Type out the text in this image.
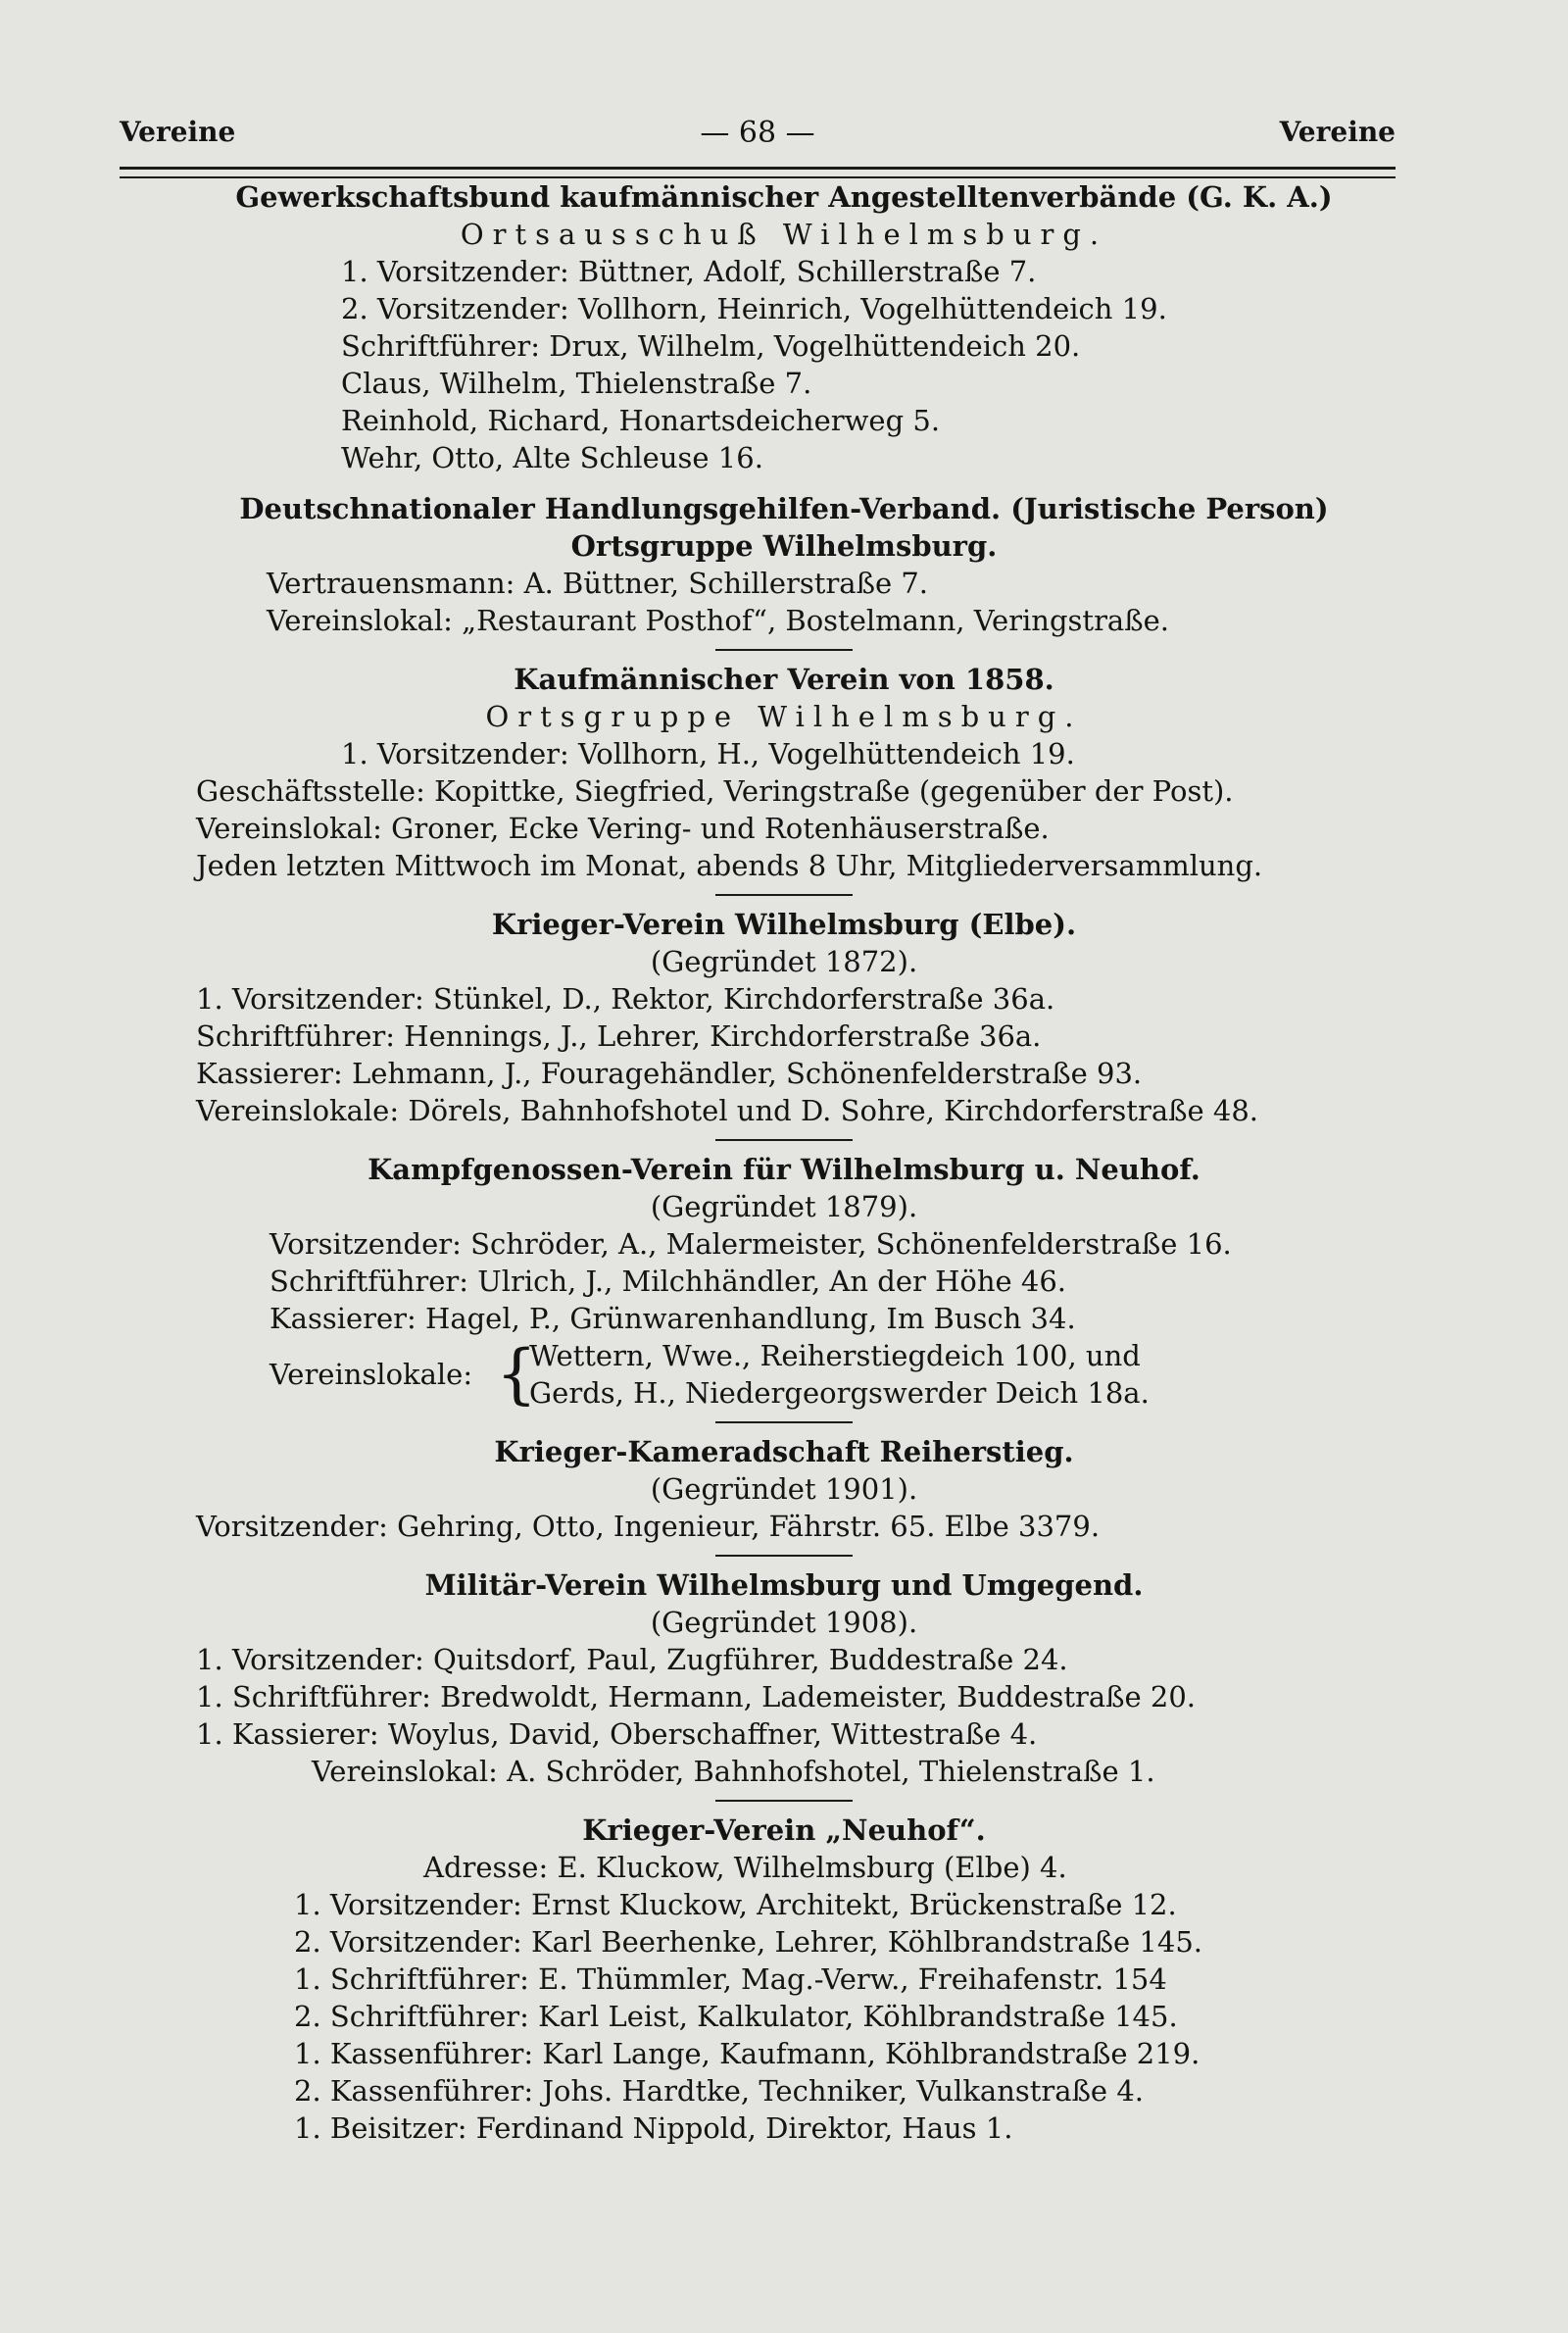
Vereine	— 68 —	Vereine
Gewerkschaftsbund kaufmännischer Angestelltenverbände (G. K. A.)
Ortsausschuß Wilhelmsburg.
1. Vorsitzender: Büttner, Adolf, Schillerstraße 7.
2. Vorsitzender: Vollhorn, Heinrich, Vogelhüttendeich 19.
Schriftführer: Drux, Wilhelm, Vogelhüttendeich 20.
Claus, Wilhelm, Thielenstraße 7.
Reinhold, Richard, Honartsdeicherweg 5.
Wehr, Otto, Alte Schleuse 16.
Deutschnationaler Handlungsgehilfen-Verband. (Juristische Person)
Ortsgruppe Wilhelmsburg.
Vertrauensmann: A. Büttner, Schillerstraße 7.
Vereinslokal: „Restaurant Posthof“, Bostelmann, Veringstraße.
Kaufmännischer Verein von 1858.
Ortsgruppe Wilhelmsburg.
1. Vorsitzender: Vollhorn, H., Vogelhüttendeich 19.
Geschäftsstelle: Kopittke, Siegfried, Veringstraße (gegenüber der Post).
Vereinslokal: Groner, Ecke Vering- und Rotenhäuserstraße.
Jeden letzten Mittwoch im Monat, abends 8 Uhr, Mitgliederversammlung.
Krieger-Verein Wilhelmsburg (Elbe).
(Gegründet 1872).
1. Vorsitzender: Stünkel, D., Rektor, Kirchdorferstraße 36a.
Schriftführer: Hennings, J., Lehrer, Kirchdorferstraße 36a.
Kassierer: Lehmann, J., Fouragehändler, Schönenfelderstraße 93.
Vereinslokale: Dörels, Bahnhofshotel und D. Sohre, Kirchdorferstraße 48.
Kampfgenossen-Verein für Wilhelmsburg u. Neuhof.
(Gegründet 1879).
Vorsitzender: Schröder, A., Malermeister, Schönenfelderstraße 16.
Schriftführer: Ulrich, J., Milchhändler, An der Höhe 46.
Kassierer: Hagel, P., Grünwarenhandlung, Im Busch 34.
Vereinslokale: {
Wettern, Wwe., Reiherstiegdeich 100, und
Gerds, H., Niedergeorgswerder Deich 18a.
Krieger-Kameradschaft Reiherstieg.
(Gegründet 1901).
Vorsitzender: Gehring, Otto, Ingenieur, Fährstr. 65. Elbe 3379.
Militär-Verein Wilhelmsburg und Umgegend.
(Gegründet 1908).
1. Vorsitzender: Quitsdorf, Paul, Zugführer, Buddestraße 24.
1. Schriftführer: Bredwoldt, Hermann, Lademeister, Buddestraße 20.
1. Kassierer: Woylus, David, Oberschaffner, Wittestraße 4.
Vereinslokal: A. Schröder, Bahnhofshotel, Thielenstraße 1.
Krieger-Verein „Neuhof“.
Adresse: E. Kluckow, Wilhelmsburg (Elbe) 4.
1. Vorsitzender: Ernst Kluckow, Architekt, Brückenstraße 12.
2. Vorsitzender: Karl Beerhenke, Lehrer, Köhlbrandstraße 145.
1. Schriftführer: E. Thümmler, Mag.-Verw., Freihafenstr. 154
2. Schriftführer: Karl Leist, Kalkulator, Köhlbrandstraße 145.
1. Kassenführer: Karl Lange, Kaufmann, Köhlbrandstraße 219.
2. Kassenführer: Johs. Hardtke, Techniker, Vulkanstraße 4.
1. Beisitzer: Ferdinand Nippold, Direktor, Haus 1.
